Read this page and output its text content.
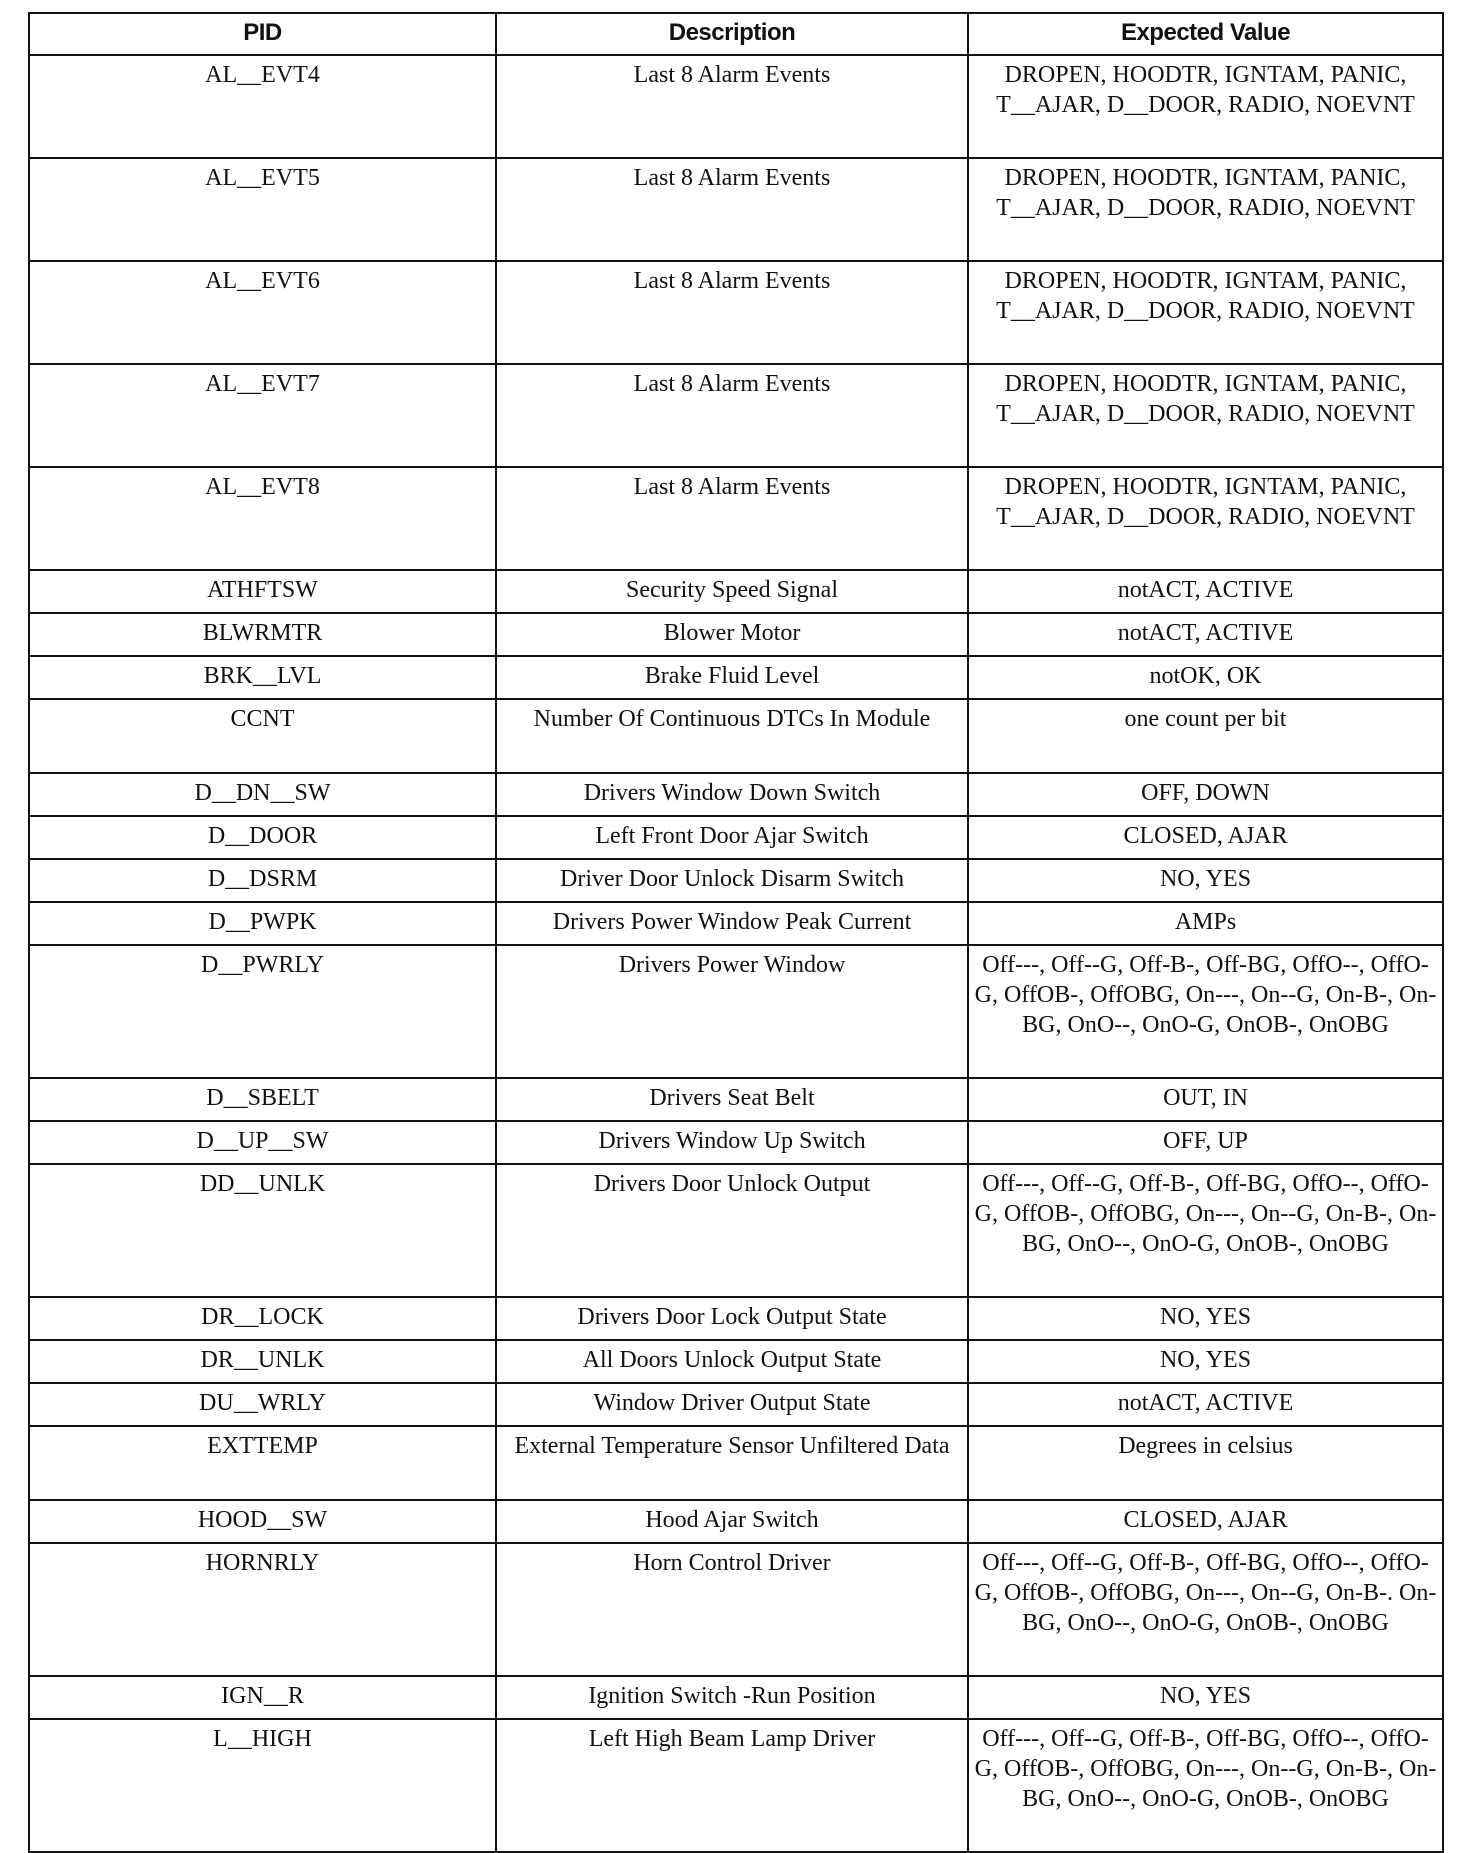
PID	Description	Expected Value
AL__EVT4	Last 8 Alarm Events	DROPEN, HOODTR, IGNTAM, PANIC, T__AJAR, D__DOOR, RADIO, NOEVNT
AL__EVT5	Last 8 Alarm Events	DROPEN, HOODTR, IGNTAM, PANIC, T__AJAR, D__DOOR, RADIO, NOEVNT
AL__EVT6	Last 8 Alarm Events	DROPEN, HOODTR, IGNTAM, PANIC, T__AJAR, D__DOOR, RADIO, NOEVNT
AL__EVT7	Last 8 Alarm Events	DROPEN, HOODTR, IGNTAM, PANIC, T__AJAR, D__DOOR, RADIO, NOEVNT
AL__EVT8	Last 8 Alarm Events	DROPEN, HOODTR, IGNTAM, PANIC, T__AJAR, D__DOOR, RADIO, NOEVNT
ATHFTSW	Security Speed Signal	notACT, ACTIVE
BLWRMTR	Blower Motor	notACT, ACTIVE
BRK__LVL	Brake Fluid Level	notOK, OK
CCNT	Number Of Continuous DTCs In Module	one count per bit
D__DN__SW	Drivers Window Down Switch	OFF, DOWN
D__DOOR	Left Front Door Ajar Switch	CLOSED, AJAR
D__DSRM	Driver Door Unlock Disarm Switch	NO, YES
D__PWPK	Drivers Power Window Peak Current	AMPs
D__PWRLY	Drivers Power Window	Off---, Off--G, Off-B-, Off-BG, OffO--, OffO-G, OffOB-, OffOBG, On---, On--G, On-B-, On-BG, OnO--, OnO-G, OnOB-, OnOBG
D__SBELT	Drivers Seat Belt	OUT, IN
D__UP__SW	Drivers Window Up Switch	OFF, UP
DD__UNLK	Drivers Door Unlock Output	Off---, Off--G, Off-B-, Off-BG, OffO--, OffO-G, OffOB-, OffOBG, On---, On--G, On-B-, On-BG, OnO--, OnO-G, OnOB-, OnOBG
DR__LOCK	Drivers Door Lock Output State	NO, YES
DR__UNLK	All Doors Unlock Output State	NO, YES
DU__WRLY	Window Driver Output State	notACT, ACTIVE
EXTTEMP	External Temperature Sensor Unfiltered Data	Degrees in celsius
HOOD__SW	Hood Ajar Switch	CLOSED, AJAR
HORNRLY	Horn Control Driver	Off---, Off--G, Off-B-, Off-BG, OffO--, OffO-G, OffOB-, OffOBG, On---, On--G, On-B-. On-BG, OnO--, OnO-G, OnOB-, OnOBG
IGN__R	Ignition Switch -Run Position	NO, YES
L__HIGH	Left High Beam Lamp Driver	Off---, Off--G, Off-B-, Off-BG, OffO--, OffO-G, OffOB-, OffOBG, On---, On--G, On-B-, On-BG, OnO--, OnO-G, OnOB-, OnOBG
